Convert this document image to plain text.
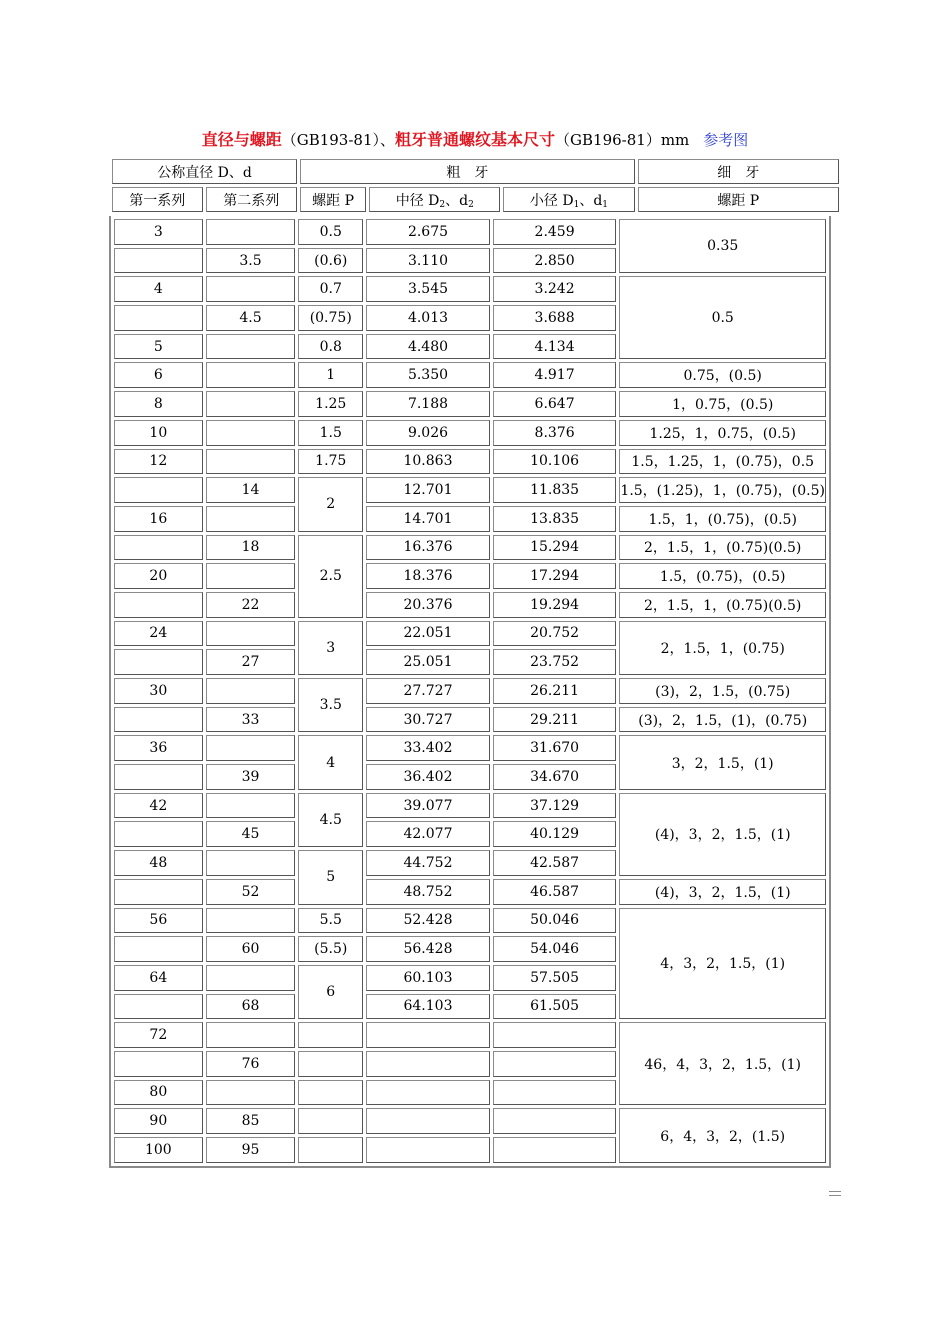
直径与螺距（GB193-81）、粗牙普通螺纹基本尺寸（GB196-81）mm 参考图
公称直径 D、d		粗　牙			细　牙
第一系列	第二系列	螺距 P	中径 $D_2$、$d_2$	小径 $D_1$、$d_1$	螺距 P
3		0.5	2.675	2.459	0.35
	3.5	(0.6)	3.110	2.850	
4		0.7	3.545	3.242	0.5
	4.5	(0.75)	4.013	3.688	
5		0.8	4.480	4.134	
6		1	5.350	4.917	0.75，(0.5)
8		1.25	7.188	6.647	1，0.75，(0.5)
10		1.5	9.026	8.376	1.25，1，0.75，(0.5)
12		1.75	10.863	10.106	1.5，1.25，1，(0.75)，0.5
	14	2	12.701	11.835	1.5，(1.25)，1，(0.75)，(0.5)
16			14.701	13.835	1.5，1，(0.75)，(0.5)
	18	2.5	16.376	15.294	2，1.5，1，(0.75)(0.5)
20			18.376	17.294	1.5，(0.75)，(0.5)
	22		20.376	19.294	2，1.5，1，(0.75)(0.5)
24		3	22.051	20.752	2，1.5，1，(0.75)
	27		25.051	23.752	
30		3.5	27.727	26.211	(3)，2，1.5，(0.75)
	33		30.727	29.211	(3)，2，1.5，(1)，(0.75)
36		4	33.402	31.670	3，2，1.5，(1)
	39		36.402	34.670	
42		4.5	39.077	37.129	(4)，3，2，1.5，(1)
	45		42.077	40.129	
48		5	44.752	42.587	
	52		48.752	46.587	(4)，3，2，1.5，(1)
56		5.5	52.428	50.046	4，3，2，1.5，(1)
	60	(5.5)	56.428	54.046	
64		6	60.103	57.505	
	68		64.103	61.505	
72					46，4，3，2，1.5，(1)
	76				
80					
90	85				6，4，3，2，(1.5)
100	95				
